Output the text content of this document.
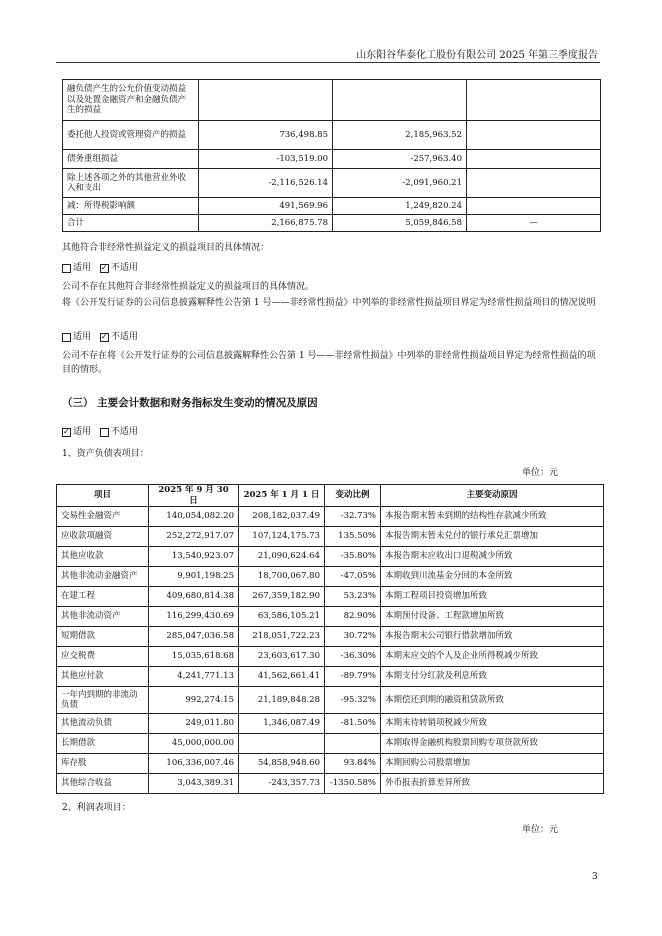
山东阳谷华泰化工股份有限公司 2025 年第三季度报告
融负债产生的公允价值变动损益以及处置金融资产和金融负债产生的损益			
委托他人投资或管理资产的损益	736,498.85	2,185,963.52	
债务重组损益	-103,519.00	-257,963.40	
除上述各项之外的其他营业外收入和支出	-2,116,526.14	-2,091,960.21	
减：所得税影响额	491,569.96	1,249,820.24	
合计	2,166,875.78	5,059,846.58	—
其他符合非经常性损益定义的损益项目的具体情况：
适用 ✓ 不适用
公司不存在其他符合非经常性损益定义的损益项目的具体情况。
将《公开发行证券的公司信息披露解释性公告第 1 号——非经常性损益》中列举的非经常性损益项目界定为经常性损益项目的情况说明
适用 ✓ 不适用
公司不存在将《公开发行证券的公司信息披露解释性公告第 1 号——非经常性损益》中列举的非经常性损益项目界定为经常性损益的项目的情形。
（三） 主要会计数据和财务指标发生变动的情况及原因
✓适用 不适用
1、资产负债表项目：
单位：元
项目	2025 年 9 月 30 日	2025 年 1 月 1 日	变动比例	主要变动原因
交易性金融资产	140,054,082.20	208,182,037.49	-32.73%	本报告期末暂未到期的结构性存款减少所致
应收款项融资	252,272,917.07	107,124,175.73	135.50%	本报告期末暂未兑付的银行承兑汇票增加
其他应收款	13,540,923.07	21,090,624.64	-35.80%	本报告期末应收出口退税减少所致
其他非流动金融资产	9,901,198.25	18,700,067.80	-47.05%	本期收到川流基金分回的本金所致
在建工程	409,680,814.38	267,359,182.90	53.23%	本期工程项目投资增加所致
其他非流动资产	116,299,430.69	63,586,105.21	82.90%	本期预付设备、工程款增加所致
短期借款	285,047,036.58	218,051,722.23	30.72%	本报告期末公司银行借款增加所致
应交税费	15,035,618.68	23,603,617.30	-36.30%	本期末应交的个人及企业所得税减少所致
其他应付款	4,241,771.13	41,562,661.41	-89.79%	本期支付分红款及利息所致
一年内到期的非流动负债	992,274.15	21,189,848.28	-95.32%	本期偿还到期的融资租赁款所致
其他流动负债	249,011.80	1,346,087.49	-81.50%	本期末待转销项税减少所致
长期借款	45,000,000.00			本期取得金融机构股票回购专项贷款所致
库存股	106,336,007.46	54,858,948.60	93.84%	本期回购公司股票增加
其他综合收益	3,043,389.31	-243,357.73	-1350.58%	外币报表折算差异所致
2、利润表项目：
单位：元
3
